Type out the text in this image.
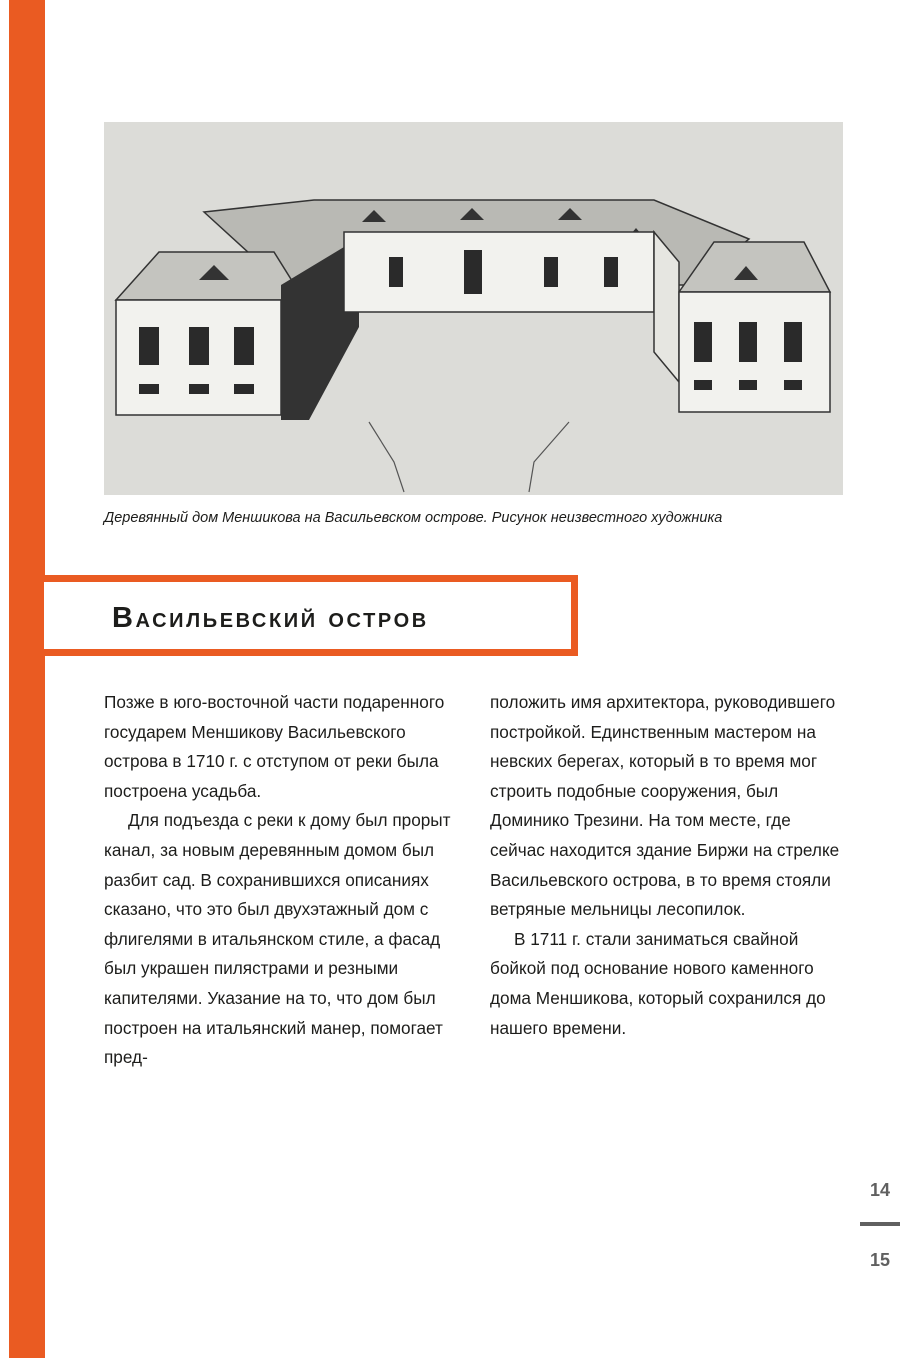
Деревянный дом Меншикова на Васильевском острове. Рисунок неизвестного художника
Васильевский остров

Позже в юго-восточной части подаренного государем Меншикову Васильевского острова в 1710 г. с отступом от реки была построена усадьба.

Для подъезда с реки к дому был прорыт канал, за новым деревянным домом был разбит сад. В сохранившихся описаниях сказано, что это был двухэтажный дом с флигелями в итальянском стиле, а фасад был украшен пилястрами и резными капителями. Указание на то, что дом был построен на итальянский манер, помогает пред-

положить имя архитектора, руководившего постройкой. Единственным мастером на невских берегах, который в то время мог строить подобные сооружения, был Доминико Трезини. На том месте, где сейчас находится здание Биржи на стрелке Васильевского острова, в то время стояли ветряные мельницы лесопилок.

В 1711 г. стали заниматься свайной бойкой под основание нового каменного дома Меншикова, который сохранился до нашего времени.

14
15
